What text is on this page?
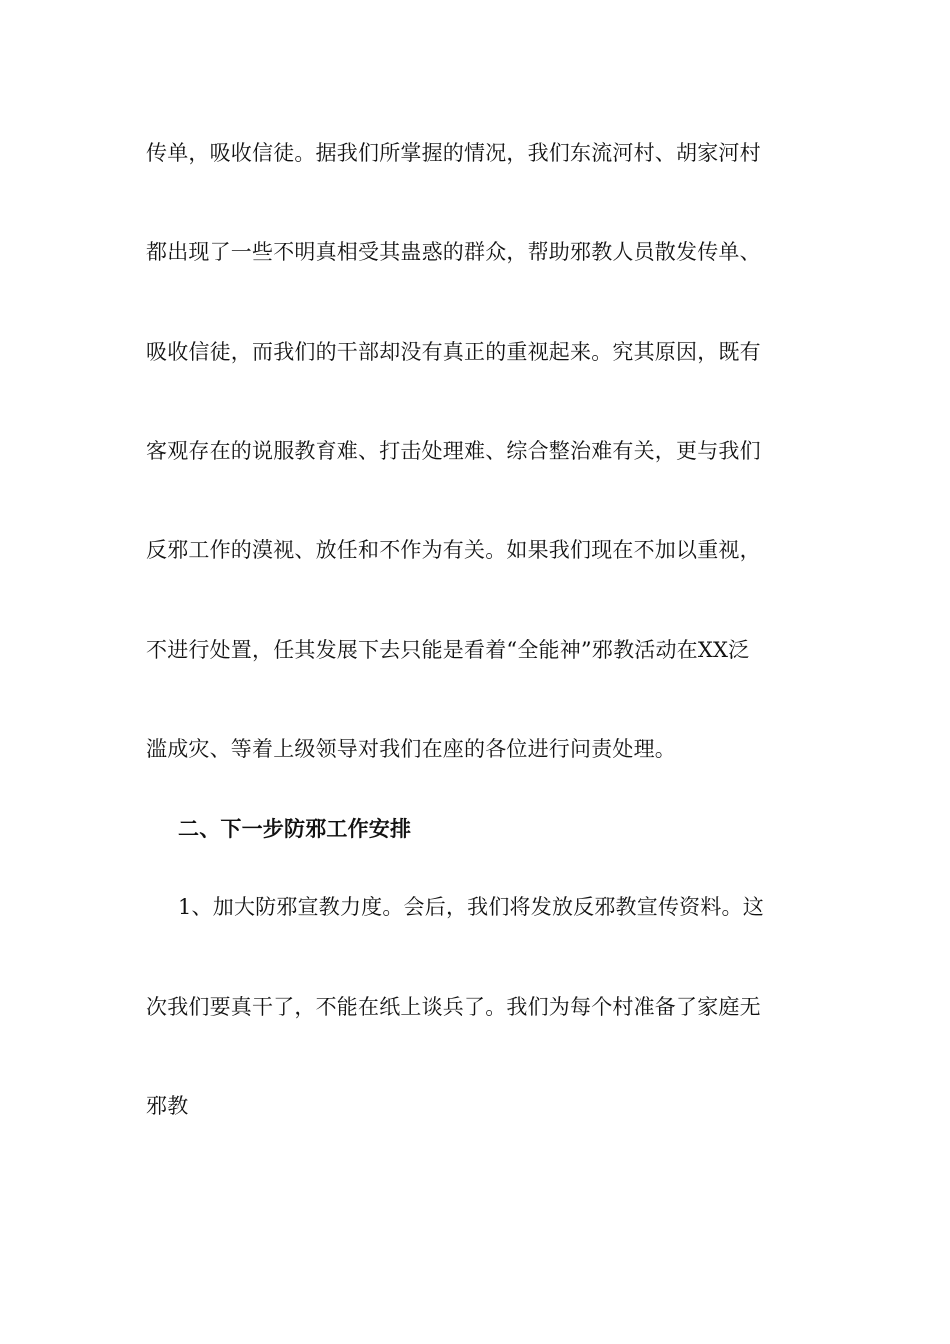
传单，吸收信徒。据我们所掌握的情况，我们东流河村、胡家河村
都出现了一些不明真相受其蛊惑的群众，帮助邪教人员散发传单、
吸收信徒，而我们的干部却没有真正的重视起来。究其原因，既有
客观存在的说服教育难、打击处理难、综合整治难有关，更与我们
反邪工作的漠视、放任和不作为有关。如果我们现在不加以重视，
不进行处置，任其发展下去只能是看着“全能神”邪教活动在XX泛
滥成灾、等着上级领导对我们在座的各位进行问责处理。
二、下一步防邪工作安排
1、加大防邪宣教力度。会后，我们将发放反邪教宣传资料。这
次我们要真干了，不能在纸上谈兵了。我们为每个村准备了家庭无
邪教
